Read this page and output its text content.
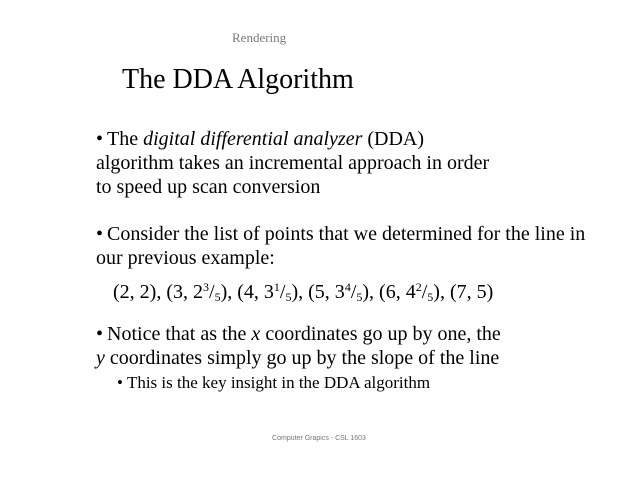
Rendering
The DDA Algorithm
• The digital differential analyzer (DDA)
algorithm takes an incremental approach in order
to speed up scan conversion
• Consider the list of points that we determined for the line in our previous example:
(2, 2), (3, $2^3/_5$), (4, $3^1/_5$), (5, $3^4/_5$), (6, $4^2/_5$), (7, 5)
• Notice that as the x coordinates go up by one, the
y coordinates simply go up by the slope of the line
• This is the key insight in the DDA algorithm
Computer Grapics - CSL 1603
